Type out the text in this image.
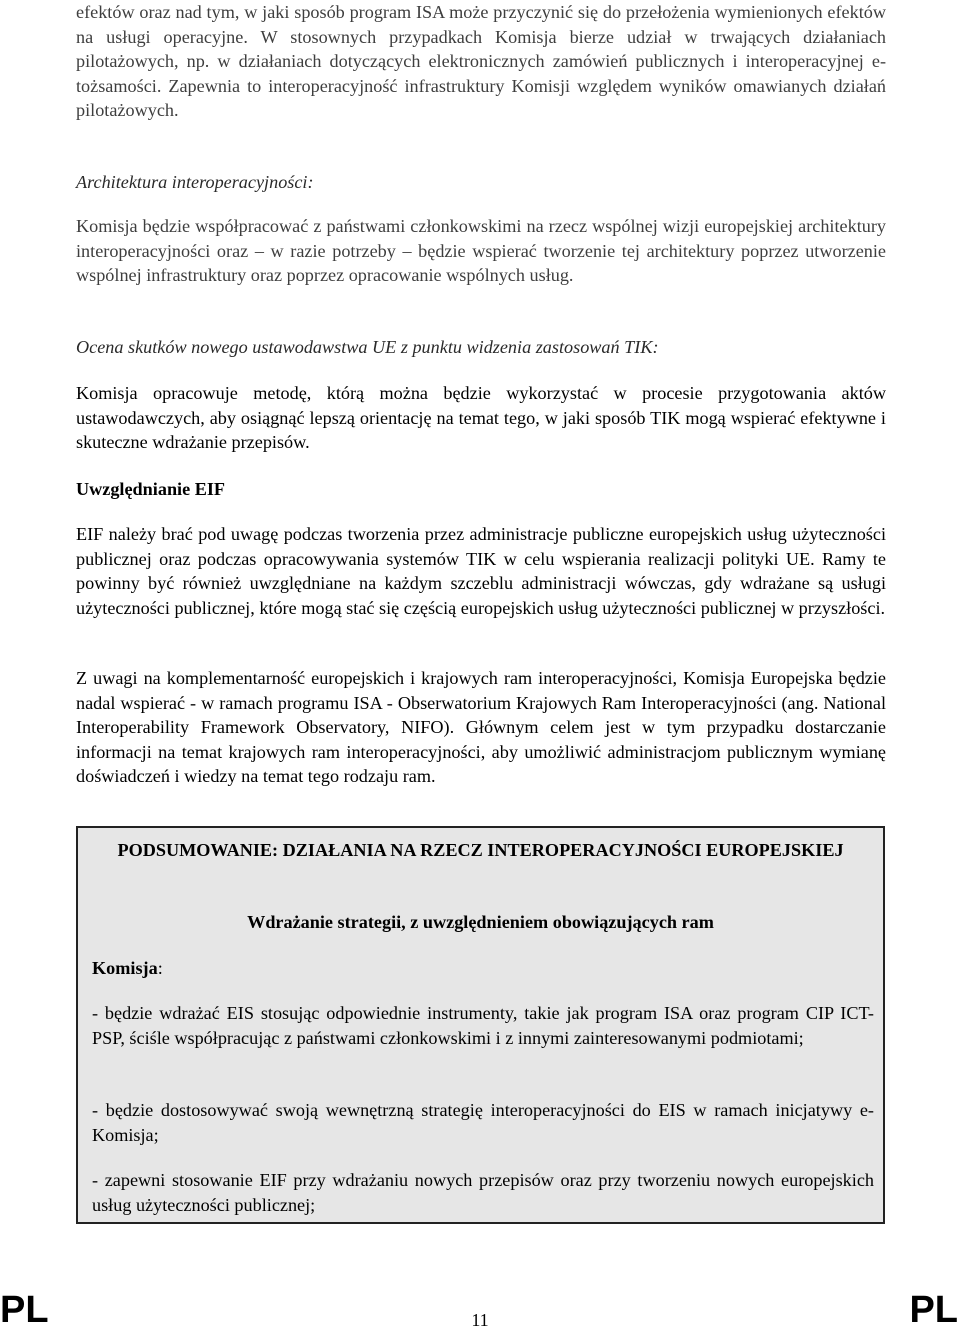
efektów oraz nad tym, w jaki sposób program ISA może przyczynić się do przełożenia wymienionych efektów na usługi operacyjne. W stosownych przypadkach Komisja bierze udział w trwających działaniach pilotażowych, np. w działaniach dotyczących elektronicznych zamówień publicznych i interoperacyjnej e-tożsamości. Zapewnia to interoperacyjność infrastruktury Komisji względem wyników omawianych działań pilotażowych.

Architektura interoperacyjności:

Komisja będzie współpracować z państwami członkowskimi na rzecz wspólnej wizji europejskiej architektury interoperacyjności oraz – w razie potrzeby – będzie wspierać tworzenie tej architektury poprzez utworzenie wspólnej infrastruktury oraz poprzez opracowanie wspólnych usług.

Ocena skutków nowego ustawodawstwa UE z punktu widzenia zastosowań TIK:

Komisja opracowuje metodę, którą można będzie wykorzystać w procesie przygotowania aktów ustawodawczych, aby osiągnąć lepszą orientację na temat tego, w jaki sposób TIK mogą wspierać efektywne i skuteczne wdrażanie przepisów.

Uwzględnianie EIF

EIF należy brać pod uwagę podczas tworzenia przez administracje publiczne europejskich usług użyteczności publicznej oraz podczas opracowywania systemów TIK w celu wspierania realizacji polityki UE. Ramy te powinny być również uwzględniane na każdym szczeblu administracji wówczas, gdy wdrażane są usługi użyteczności publicznej, które mogą stać się częścią europejskich usług użyteczności publicznej w przyszłości.

Z uwagi na komplementarność europejskich i krajowych ram interoperacyjności, Komisja Europejska będzie nadal wspierać - w ramach programu ISA - Obserwatorium Krajowych Ram Interoperacyjności (ang. National Interoperability Framework Observatory, NIFO). Głównym celem jest w tym przypadku dostarczanie informacji na temat krajowych ram interoperacyjności, aby umożliwić administracjom publicznym wymianę doświadczeń i wiedzy na temat tego rodzaju ram.

PODSUMOWANIE: DZIAŁANIA NA RZECZ INTEROPERACYJNOŚCI EUROPEJSKIEJ
Wdrażanie strategii, z uwzględnieniem obowiązujących ram
Komisja:
- będzie wdrażać EIS stosując odpowiednie instrumenty, takie jak program ISA oraz program CIP ICT-PSP, ściśle współpracując z państwami członkowskimi i z innymi zainteresowanymi podmiotami;
- będzie dostosowywać swoją wewnętrzną strategię interoperacyjności do EIS w ramach inicjatywy e-Komisja;
- zapewni stosowanie EIF przy wdrażaniu nowych przepisów oraz przy tworzeniu nowych europejskich usług użyteczności publicznej;
PL	11	PL
